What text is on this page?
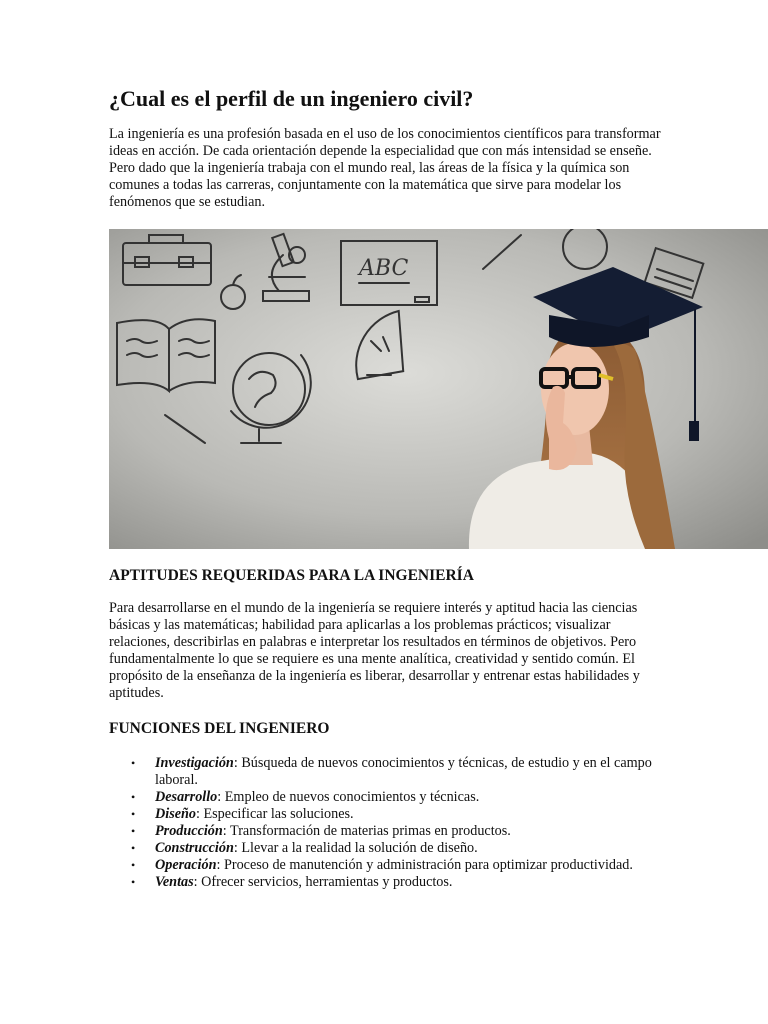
¿Cual es el perfil de un ingeniero civil?

La ingeniería es una profesión basada en el uso de los conocimientos científicos para transformar ideas en acción. De cada orientación depende la especialidad que con más intensidad se enseñe. Pero dado que la ingeniería trabaja con el mundo real, las áreas de la física y la química son comunes a todas las carreras, conjuntamente con la matemática que sirve para modelar los fenómenos que se estudian.

APTITUDES REQUERIDAS PARA LA INGENIERÍA

Para desarrollarse en el mundo de la ingeniería se requiere interés y aptitud hacia las ciencias básicas y las matemáticas; habilidad para aplicarlas a los problemas prácticos; visualizar relaciones, describirlas en palabras e interpretar los resultados en términos de objetivos. Pero fundamentalmente lo que se requiere es una mente analítica, creatividad y sentido común. El propósito de la enseñanza de la ingeniería es liberar, desarrollar y entrenar estas habilidades y aptitudes.

FUNCIONES DEL INGENIERO
• Investigación: Búsqueda de nuevos conocimientos y técnicas, de estudio y en el campo laboral.
• Desarrollo: Empleo de nuevos conocimientos y técnicas.
• Diseño: Especificar las soluciones.
• Producción: Transformación de materias primas en productos.
• Construcción: Llevar a la realidad la solución de diseño.
• Operación: Proceso de manutención y administración para optimizar productividad.
• Ventas: Ofrecer servicios, herramientas y productos.
ABC
